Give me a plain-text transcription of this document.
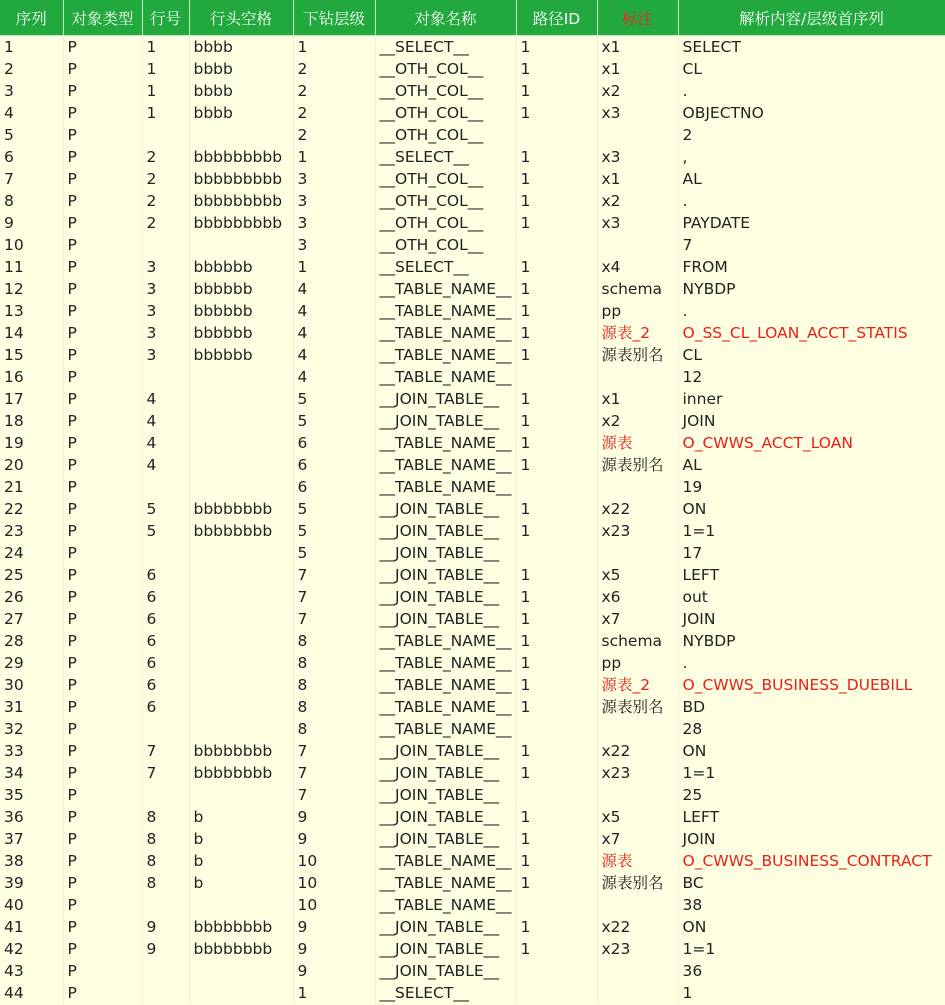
序列	对象类型	行号	行头空格	下钻层级	对象名称	路径ID	标注	解析内容/层级首序列
1	P	1	bbbb	1	__SELECT__	1	x1	SELECT
2	P	1	bbbb	2	__OTH_COL__	1	x1	CL
3	P	1	bbbb	2	__OTH_COL__	1	x2	.
4	P	1	bbbb	2	__OTH_COL__	1	x3	OBJECTNO
5	P			2	__OTH_COL__			2
6	P	2	bbbbbbbbb	1	__SELECT__	1	x3	,
7	P	2	bbbbbbbbb	3	__OTH_COL__	1	x1	AL
8	P	2	bbbbbbbbb	3	__OTH_COL__	1	x2	.
9	P	2	bbbbbbbbb	3	__OTH_COL__	1	x3	PAYDATE
10	P			3	__OTH_COL__			7
11	P	3	bbbbbb	1	__SELECT__	1	x4	FROM
12	P	3	bbbbbb	4	__TABLE_NAME__	1	schema	NYBDP
13	P	3	bbbbbb	4	__TABLE_NAME__	1	pp	.
14	P	3	bbbbbb	4	__TABLE_NAME__	1	源表_2	O_SS_CL_LOAN_ACCT_STATIS
15	P	3	bbbbbb	4	__TABLE_NAME__	1	源表别名	CL
16	P			4	__TABLE_NAME__			12
17	P	4		5	__JOIN_TABLE__	1	x1	inner
18	P	4		5	__JOIN_TABLE__	1	x2	JOIN
19	P	4		6	__TABLE_NAME__	1	源表	O_CWWS_ACCT_LOAN
20	P	4		6	__TABLE_NAME__	1	源表别名	AL
21	P			6	__TABLE_NAME__			19
22	P	5	bbbbbbbb	5	__JOIN_TABLE__	1	x22	ON
23	P	5	bbbbbbbb	5	__JOIN_TABLE__	1	x23	1=1
24	P			5	__JOIN_TABLE__			17
25	P	6		7	__JOIN_TABLE__	1	x5	LEFT
26	P	6		7	__JOIN_TABLE__	1	x6	out
27	P	6		7	__JOIN_TABLE__	1	x7	JOIN
28	P	6		8	__TABLE_NAME__	1	schema	NYBDP
29	P	6		8	__TABLE_NAME__	1	pp	.
30	P	6		8	__TABLE_NAME__	1	源表_2	O_CWWS_BUSINESS_DUEBILL
31	P	6		8	__TABLE_NAME__	1	源表别名	BD
32	P			8	__TABLE_NAME__			28
33	P	7	bbbbbbbb	7	__JOIN_TABLE__	1	x22	ON
34	P	7	bbbbbbbb	7	__JOIN_TABLE__	1	x23	1=1
35	P			7	__JOIN_TABLE__			25
36	P	8	b	9	__JOIN_TABLE__	1	x5	LEFT
37	P	8	b	9	__JOIN_TABLE__	1	x7	JOIN
38	P	8	b	10	__TABLE_NAME__	1	源表	O_CWWS_BUSINESS_CONTRACT
39	P	8	b	10	__TABLE_NAME__	1	源表别名	BC
40	P			10	__TABLE_NAME__			38
41	P	9	bbbbbbbb	9	__JOIN_TABLE__	1	x22	ON
42	P	9	bbbbbbbb	9	__JOIN_TABLE__	1	x23	1=1
43	P			9	__JOIN_TABLE__			36
44	P			1	__SELECT__			1
